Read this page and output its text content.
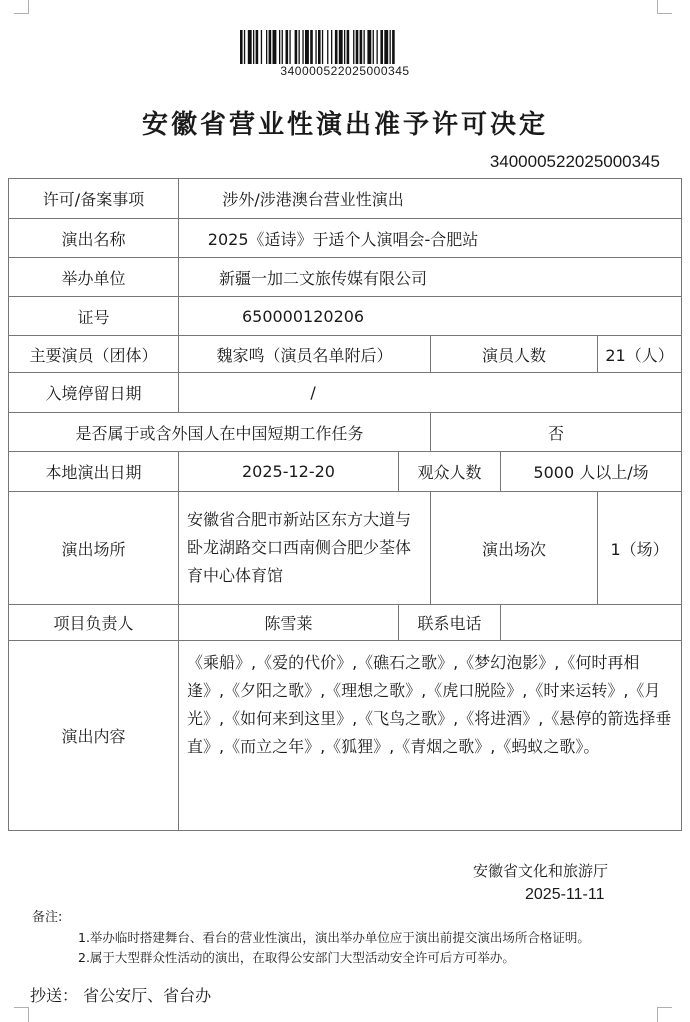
340000522025000345
安徽省营业性演出准予许可决定
340000522025000345
许可/备案事项	涉外/涉港澳台营业性演出				
演出名称	2025《适诗》于适个人演唱会-合肥站				
举办单位	新疆一加二文旅传媒有限公司				
证号	650000120206				
主要演员（团体）	魏家鸣（演员名单附后）		演员人数		21（人）
入境停留日期	/				
是否属于或含外国人在中国短期工作任务			否		
本地演出日期	2025-12-20	观众人数		5000 人以上/场	
演出场所	安徽省合肥市新站区东方大道与卧龙湖路交口西南侧合肥少荃体育中心体育馆		演出场次		1（场）
项目负责人	陈雪莱	联系电话			
演出内容	《乘船》,《爱的代价》,《礁石之歌》,《梦幻泡影》,《何时再相逢》,《夕阳之歌》,《理想之歌》,《虎口脱险》,《时来运转》,《月光》,《如何来到这里》,《飞鸟之歌》,《将进酒》,《悬停的箭选择垂直》,《而立之年》,《狐狸》,《青烟之歌》,《蚂蚁之歌》。				
安徽省文化和旅游厅
2025-11-11
备注:
1.举办临时搭建舞台、看台的营业性演出，演出举办单位应于演出前提交演出场所合格证明。
2.属于大型群众性活动的演出，在取得公安部门大型活动安全许可后方可举办。
抄送： 省公安厅、省台办
